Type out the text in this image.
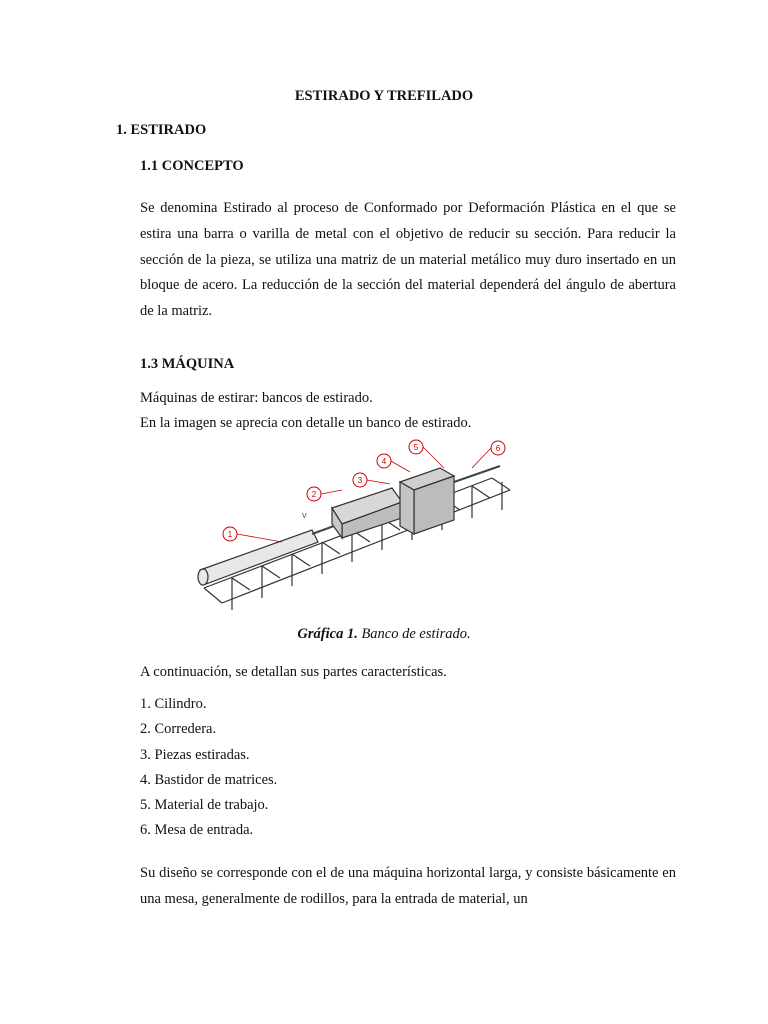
ESTIRADO Y TREFILADO
1. ESTIRADO
1.1 CONCEPTO
Se denomina Estirado al proceso de Conformado por Deformación Plástica en el que se estira una barra o varilla de metal con el objetivo de reducir su sección. Para reducir la sección de la pieza, se utiliza una matriz de un material metálico muy duro insertado en un bloque de acero. La reducción de la sección del material dependerá del ángulo de abertura de la matriz.
1.3 MÁQUINA
Máquinas de estirar: bancos de estirado.
En la imagen se aprecia con detalle un banco de estirado.
1
2
3
4
5	6
V
Gráfica 1. Banco de estirado.
A continuación, se detallan sus partes características.
1. Cilindro.
2. Corredera.
3. Piezas estiradas.
4. Bastidor de matrices.
5. Material de trabajo.
6. Mesa de entrada.
Su diseño se corresponde con el de una máquina horizontal larga, y consiste básicamente en una mesa, generalmente de rodillos, para la entrada de material, un
